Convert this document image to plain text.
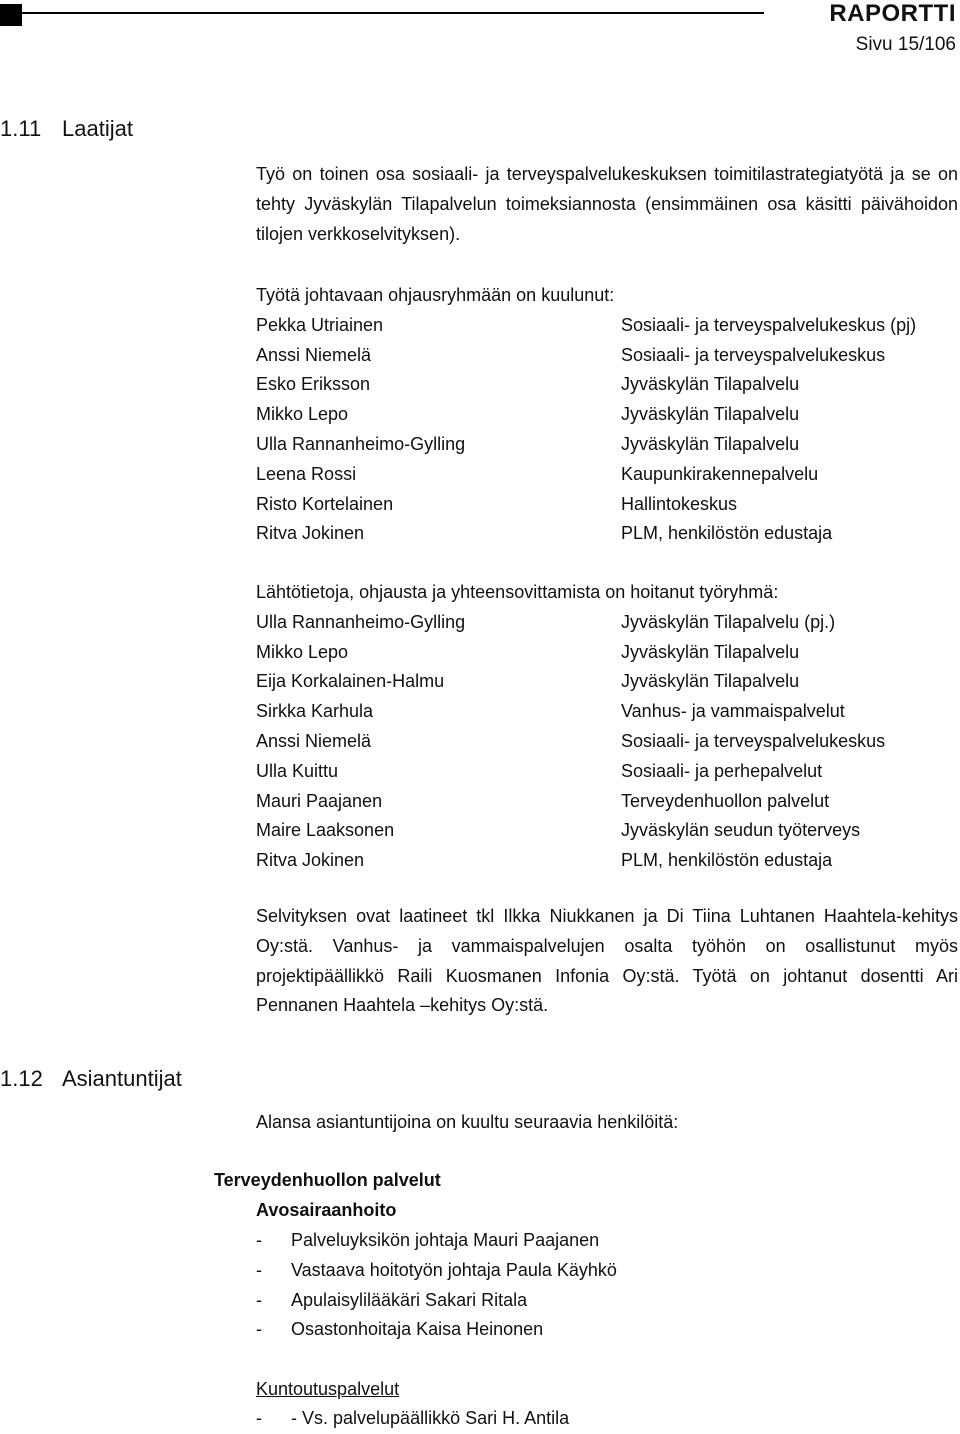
RAPORTTI
Sivu 15/106
1.11 Laatijat
Työ on toinen osa sosiaali- ja terveyspalvelukeskuksen toimitilastrategiatyötä ja se on tehty Jyväskylän Tilapalvelun toimeksiannosta (ensimmäinen osa käsitti päivähoidon tilojen verkkoselvityksen).
Työtä johtavaan ohjausryhmään on kuulunut:
Pekka Utriainen	Sosiaali- ja terveyspalvelukeskus (pj)
Anssi Niemelä	Sosiaali- ja terveyspalvelukeskus
Esko Eriksson	Jyväskylän Tilapalvelu
Mikko Lepo	Jyväskylän Tilapalvelu
Ulla Rannanheimo-Gylling	Jyväskylän Tilapalvelu
Leena Rossi	Kaupunkirakennepalvelu
Risto Kortelainen	Hallintokeskus
Ritva Jokinen	PLM, henkilöstön edustaja
Lähtötietoja, ohjausta ja yhteensovittamista on hoitanut työryhmä:
Ulla Rannanheimo-Gylling	Jyväskylän Tilapalvelu (pj.)
Mikko Lepo	Jyväskylän Tilapalvelu
Eija Korkalainen-Halmu	Jyväskylän Tilapalvelu
Sirkka Karhula	Vanhus- ja vammaispalvelut
Anssi Niemelä	Sosiaali- ja terveyspalvelukeskus
Ulla Kuittu	Sosiaali- ja perhepalvelut
Mauri Paajanen	Terveydenhuollon palvelut
Maire Laaksonen	Jyväskylän seudun työterveys
Ritva Jokinen	PLM, henkilöstön edustaja
Selvityksen ovat laatineet tkl Ilkka Niukkanen ja Di Tiina Luhtanen Haahtela-kehitys Oy:stä. Vanhus- ja vammaispalvelujen osalta työhön on osallistunut myös projektipäällikkö Raili Kuosmanen Infonia Oy:stä. Työtä on johtanut dosentti Ari Pennanen Haahtela –kehitys Oy:stä.
1.12 Asiantuntijat
Alansa asiantuntijoina on kuultu seuraavia henkilöitä:
Terveydenhuollon palvelut
Avosairaanhoito
- Palveluyksikön johtaja Mauri Paajanen
- Vastaava hoitotyön johtaja Paula Käyhkö
- Apulaisylilääkäri Sakari Ritala
- Osastonhoitaja Kaisa Heinonen
Kuntoutuspalvelut
- - Vs. palvelupäällikkö Sari H. Antila
